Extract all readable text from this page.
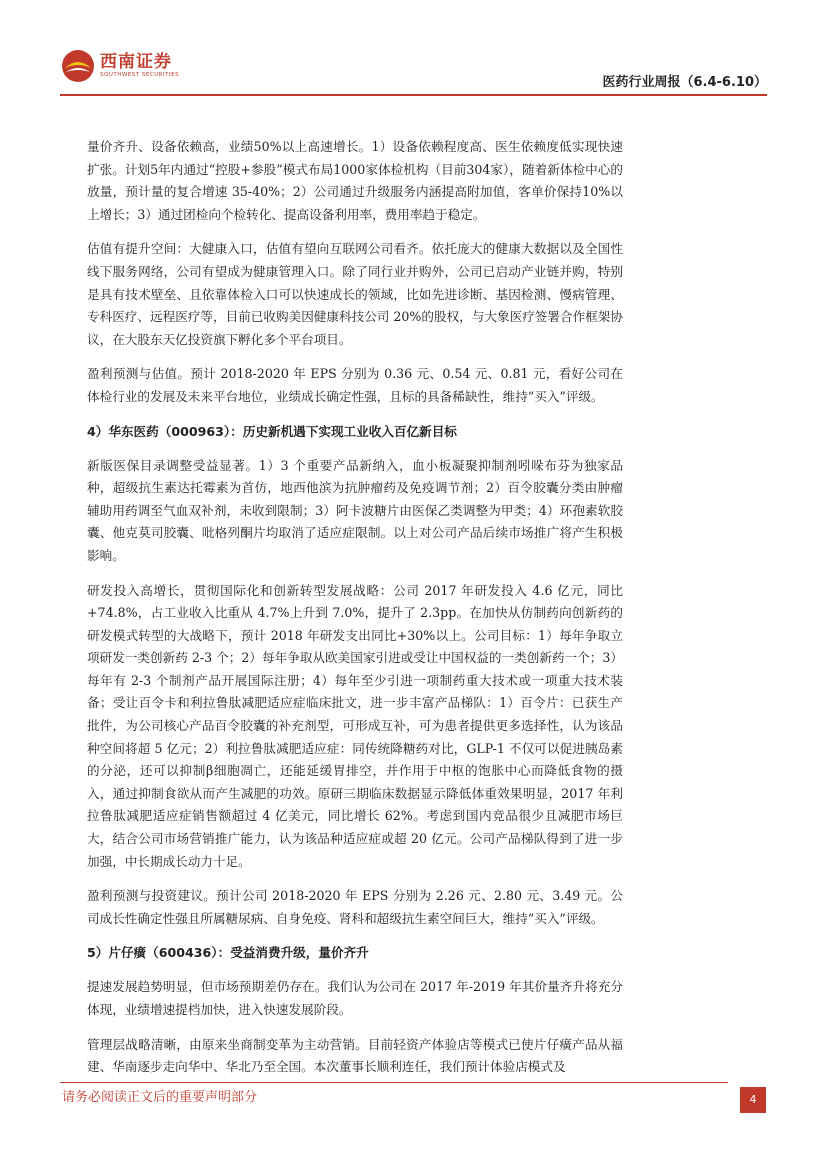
西南证券
SOUTHWEST SECURITIES	医药行业周报（6.4-6.10）

量价齐升、设备依赖高，业绩50%以上高速增长。1）设备依赖程度高、医生依赖度低实现快速扩张。计划5年内通过“控股+参股”模式布局1000家体检机构（目前304家），随着新体检中心的放量，预计量的复合增速 35-40%；2）公司通过升级服务内涵提高附加值，客单价保持10%以上增长；3）通过团检向个检转化、提高设备利用率，费用率趋于稳定。

估值有提升空间：大健康入口，估值有望向互联网公司看齐。依托庞大的健康大数据以及全国性线下服务网络，公司有望成为健康管理入口。除了同行业并购外，公司已启动产业链并购，特别是具有技术壁垒、且依靠体检入口可以快速成长的领域，比如先进诊断、基因检测、慢病管理、专科医疗、远程医疗等，目前已收购美因健康科技公司 20%的股权，与大象医疗签署合作框架协议，在大股东天亿投资旗下孵化多个平台项目。

盈利预测与估值。预计 2018-2020 年 EPS 分别为 0.36 元、0.54 元、0.81 元，看好公司在体检行业的发展及未来平台地位，业绩成长确定性强，且标的具备稀缺性，维持“买入”评级。

4）华东医药（000963）：历史新机遇下实现工业收入百亿新目标

新版医保目录调整受益显著。1）3 个重要产品新纳入，血小板凝聚抑制剂吲哚布芬为独家品种，超级抗生素达托霉素为首仿，地西他滨为抗肿瘤药及免疫调节剂；2）百令胶囊分类由肿瘤辅助用药调至气血双补剂，未收到限制；3）阿卡波糖片由医保乙类调整为甲类；4）环孢素软胶囊、他克莫司胶囊、吡格列酮片均取消了适应症限制。以上对公司产品后续市场推广将产生积极影响。

研发投入高增长，贯彻国际化和创新转型发展战略：公司 2017 年研发投入 4.6 亿元，同比+74.8%，占工业收入比重从 4.7%上升到 7.0%，提升了 2.3pp。在加快从仿制药向创新药的研发模式转型的大战略下，预计 2018 年研发支出同比+30%以上。公司目标：1）每年争取立项研发一类创新药 2-3 个；2）每年争取从欧美国家引进或受让中国权益的一类创新药一个；3）每年有 2-3 个制剂产品开展国际注册；4）每年至少引进一项制药重大技术或一项重大技术装备；受让百令卡和利拉鲁肽减肥适应症临床批文，进一步丰富产品梯队：1）百令片：已获生产批件，为公司核心产品百令胶囊的补充剂型，可形成互补，可为患者提供更多选择性，认为该品种空间将超 5 亿元；2）利拉鲁肽减肥适应症：同传统降糖药对比，GLP-1 不仅可以促进胰岛素的分泌，还可以抑制β细胞凋亡，还能延缓胃排空，并作用于中枢的饱胀中心而降低食物的摄入，通过抑制食欲从而产生减肥的功效。原研三期临床数据显示降低体重效果明显，2017 年利拉鲁肽减肥适应症销售额超过 4 亿美元，同比增长 62%。考虑到国内竞品很少且减肥市场巨大，结合公司市场营销推广能力，认为该品种适应症或超 20 亿元。公司产品梯队得到了进一步加强，中长期成长动力十足。

盈利预测与投资建议。预计公司 2018-2020 年 EPS 分别为 2.26 元、2.80 元、3.49 元。公司成长性确定性强且所属糖尿病、自身免疫、肾科和超级抗生素空间巨大，维持“买入”评级。

5）片仔癀（600436）：受益消费升级，量价齐升

提速发展趋势明显，但市场预期差仍存在。我们认为公司在 2017 年-2019 年其价量齐升将充分体现，业绩增速提档加快，进入快速发展阶段。

管理层战略清晰，由原来坐商制变革为主动营销。目前轻资产体验店等模式已使片仔癀产品从福建、华南逐步走向华中、华北乃至全国。本次董事长顺利连任，我们预计体验店模式及

请务必阅读正文后的重要声明部分	4
